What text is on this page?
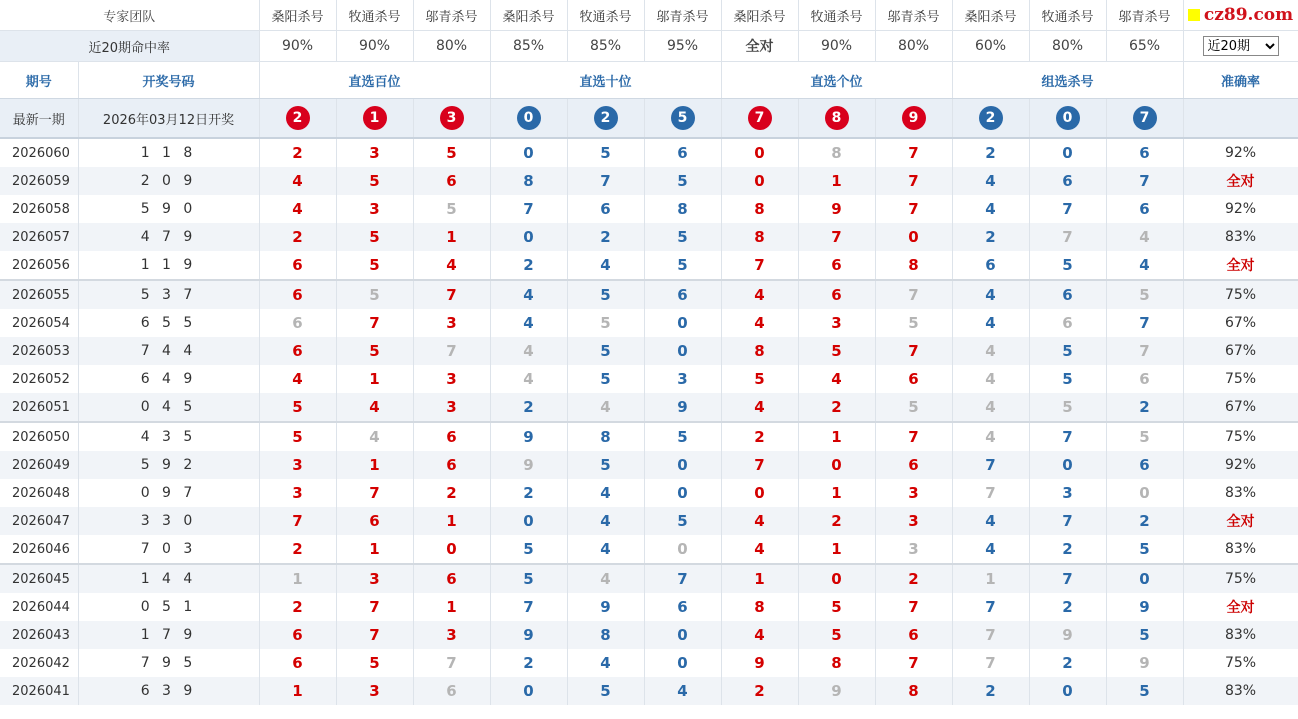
专家团队		桑阳杀号	牧通杀号	邬青杀号	桑阳杀号	牧通杀号	邬青杀号	桑阳杀号	牧通杀号	邬青杀号	桑阳杀号	牧通杀号	邬青杀号	cz89.com
近20期命中率		90%	90%	80%	85%	85%	95%	全对	90%	80%	60%	80%	65%	
近20期
期号	开奖号码	直选百位			直选十位			直选个位			组选杀号			准确率
最新一期	2026年03月12日开奖	2	1	3	0	2	5	7	8	9	2	0	7	
2026060	1 1 8	2	3	5	0	5	6	0	8	7	2	0	6	92%
2026059	2 0 9	4	5	6	8	7	5	0	1	7	4	6	7	全对
2026058	5 9 0	4	3	5	7	6	8	8	9	7	4	7	6	92%
2026057	4 7 9	2	5	1	0	2	5	8	7	0	2	7	4	83%
2026056	1 1 9	6	5	4	2	4	5	7	6	8	6	5	4	全对
2026055	5 3 7	6	5	7	4	5	6	4	6	7	4	6	5	75%
2026054	6 5 5	6	7	3	4	5	0	4	3	5	4	6	7	67%
2026053	7 4 4	6	5	7	4	5	0	8	5	7	4	5	7	67%
2026052	6 4 9	4	1	3	4	5	3	5	4	6	4	5	6	75%
2026051	0 4 5	5	4	3	2	4	9	4	2	5	4	5	2	67%
2026050	4 3 5	5	4	6	9	8	5	2	1	7	4	7	5	75%
2026049	5 9 2	3	1	6	9	5	0	7	0	6	7	0	6	92%
2026048	0 9 7	3	7	2	2	4	0	0	1	3	7	3	0	83%
2026047	3 3 0	7	6	1	0	4	5	4	2	3	4	7	2	全对
2026046	7 0 3	2	1	0	5	4	0	4	1	3	4	2	5	83%
2026045	1 4 4	1	3	6	5	4	7	1	0	2	1	7	0	75%
2026044	0 5 1	2	7	1	7	9	6	8	5	7	7	2	9	全对
2026043	1 7 9	6	7	3	9	8	0	4	5	6	7	9	5	83%
2026042	7 9 5	6	5	7	2	4	0	9	8	7	7	2	9	75%
2026041	6 3 9	1	3	6	0	5	4	2	9	8	2	0	5	83%
